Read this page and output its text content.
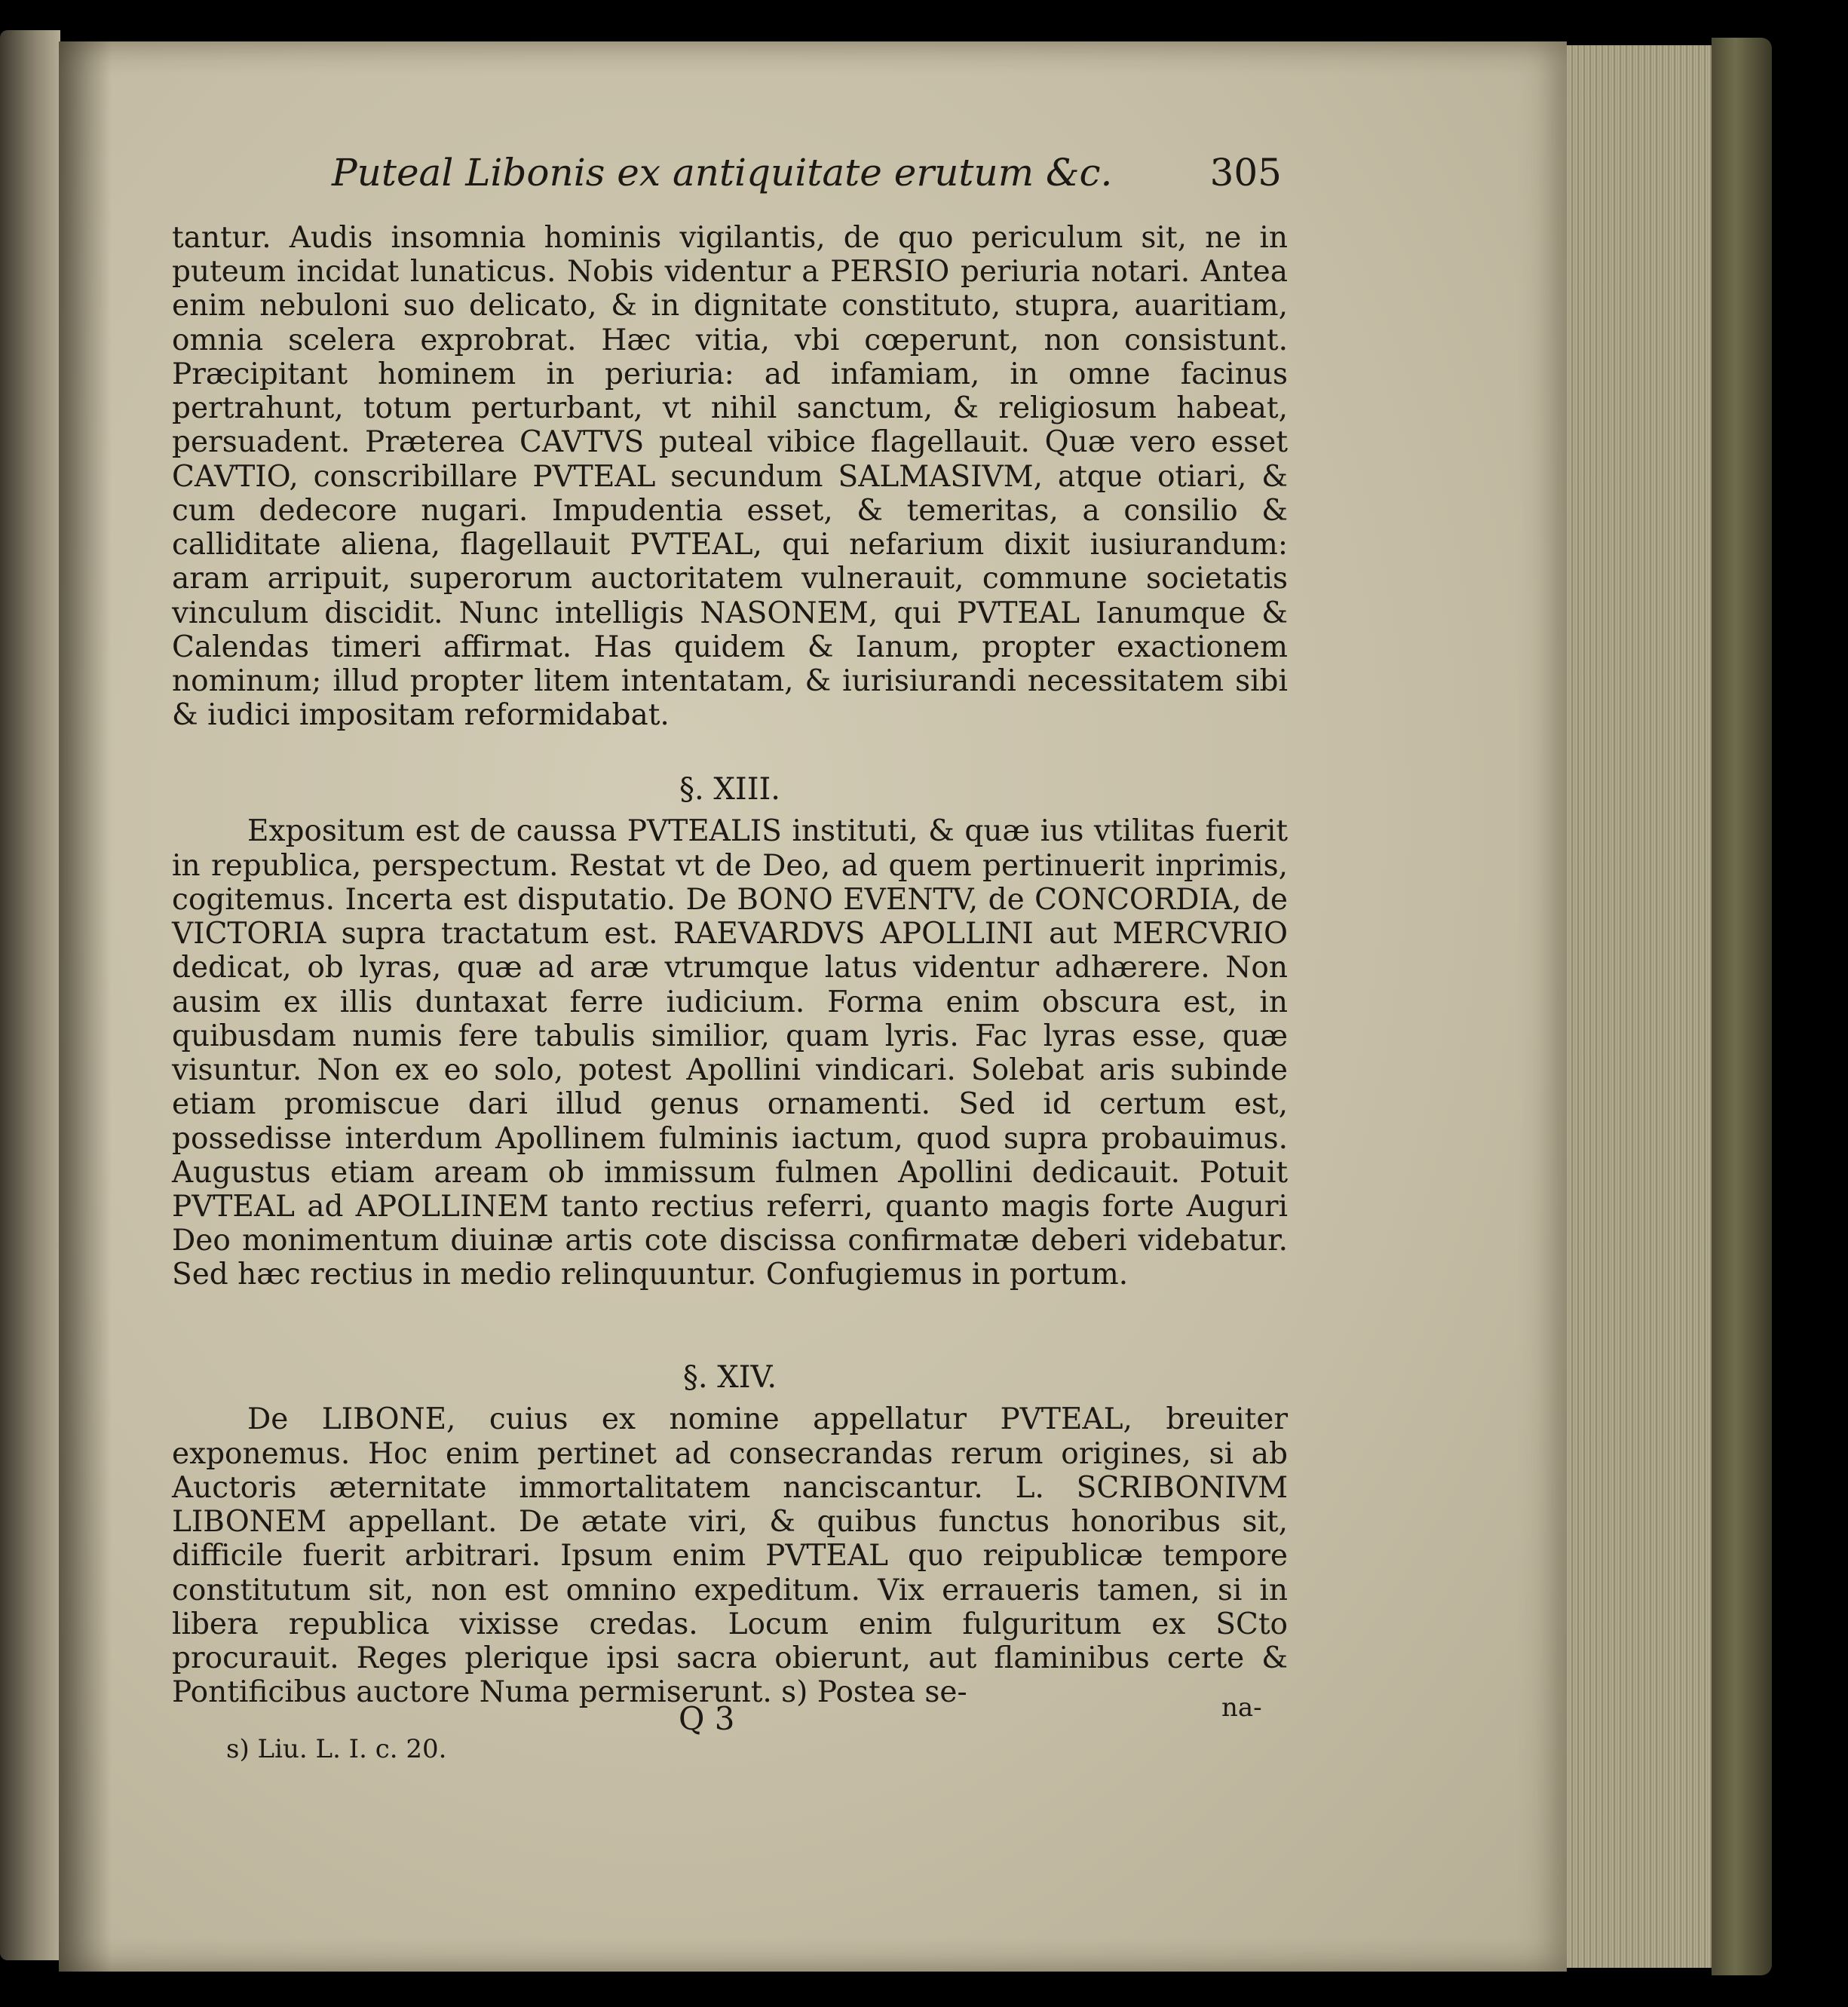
Puteal Libonis ex antiquitate erutum &c.	305

tantur. Audis insomnia hominis vigilantis, de quo periculum sit, ne in puteum incidat lunaticus. Nobis videntur a PERSIO periuria notari. Antea enim nebuloni suo delicato, & in dignitate constituto, stupra, auaritiam, omnia scelera exprobrat. Hæc vitia, vbi cœperunt, non consistunt. Præcipitant hominem in periuria: ad infamiam, in omne facinus pertrahunt, totum perturbant, vt nihil sanctum, & religiosum habeat, persuadent. Præterea CAVTVS puteal vibice flagellauit. Quæ vero esset CAVTIO, conscribillare PVTEAL secundum SALMASIVM, atque otiari, & cum dedecore nugari. Impudentia esset, & temeritas, a consilio & calliditate aliena, flagellauit PVTEAL, qui nefarium dixit iusiurandum: aram arripuit, superorum auctoritatem vulnerauit, commune societatis vinculum discidit. Nunc intelligis NASONEM, qui PVTEAL Ianumque & Calendas timeri affirmat. Has quidem & Ianum, propter exactionem nominum; illud propter litem intentatam, & iurisiurandi necessitatem sibi & iudici impositam reformidabat.

§. XIII.

Expositum est de caussa PVTEALIS instituti, & quæ ius vtilitas fuerit in republica, perspectum. Restat vt de Deo, ad quem pertinuerit inprimis, cogitemus. Incerta est disputatio. De BONO EVENTV, de CONCORDIA, de VICTORIA supra tractatum est. RAEVARDVS APOLLINI aut MERCVRIO dedicat, ob lyras, quæ ad aræ vtrumque latus videntur adhærere. Non ausim ex illis duntaxat ferre iudicium. Forma enim obscura est, in quibusdam numis fere tabulis similior, quam lyris. Fac lyras esse, quæ visuntur. Non ex eo solo, potest Apollini vindicari. Solebat aris subinde etiam promiscue dari illud genus ornamenti. Sed id certum est, possedisse interdum Apollinem fulminis iactum, quod supra probauimus. Augustus etiam aream ob immissum fulmen Apollini dedicauit. Potuit PVTEAL ad APOLLINEM tanto rectius referri, quanto magis forte Auguri Deo monimentum diuinæ artis cote discissa confirmatæ deberi videbatur. Sed hæc rectius in medio relinquuntur. Confugiemus in portum.

§. XIV.

De LIBONE, cuius ex nomine appellatur PVTEAL, breuiter exponemus. Hoc enim pertinet ad consecrandas rerum origines, si ab Auctoris æternitate immortalitatem nanciscantur. L. SCRIBONIVM LIBONEM appellant. De ætate viri, & quibus functus honoribus sit, difficile fuerit arbitrari. Ipsum enim PVTEAL quo reipublicæ tempore constitutum sit, non est omnino expeditum. Vix erraueris tamen, si in libera republica vixisse credas. Locum enim fulguritum ex SCto procurauit. Reges plerique ipsi sacra obierunt, aut flaminibus certe & Pontificibus auctore Numa permiserunt. s) Postea se-

Q 3	na-
s) Liu. L. I. c. 20.
